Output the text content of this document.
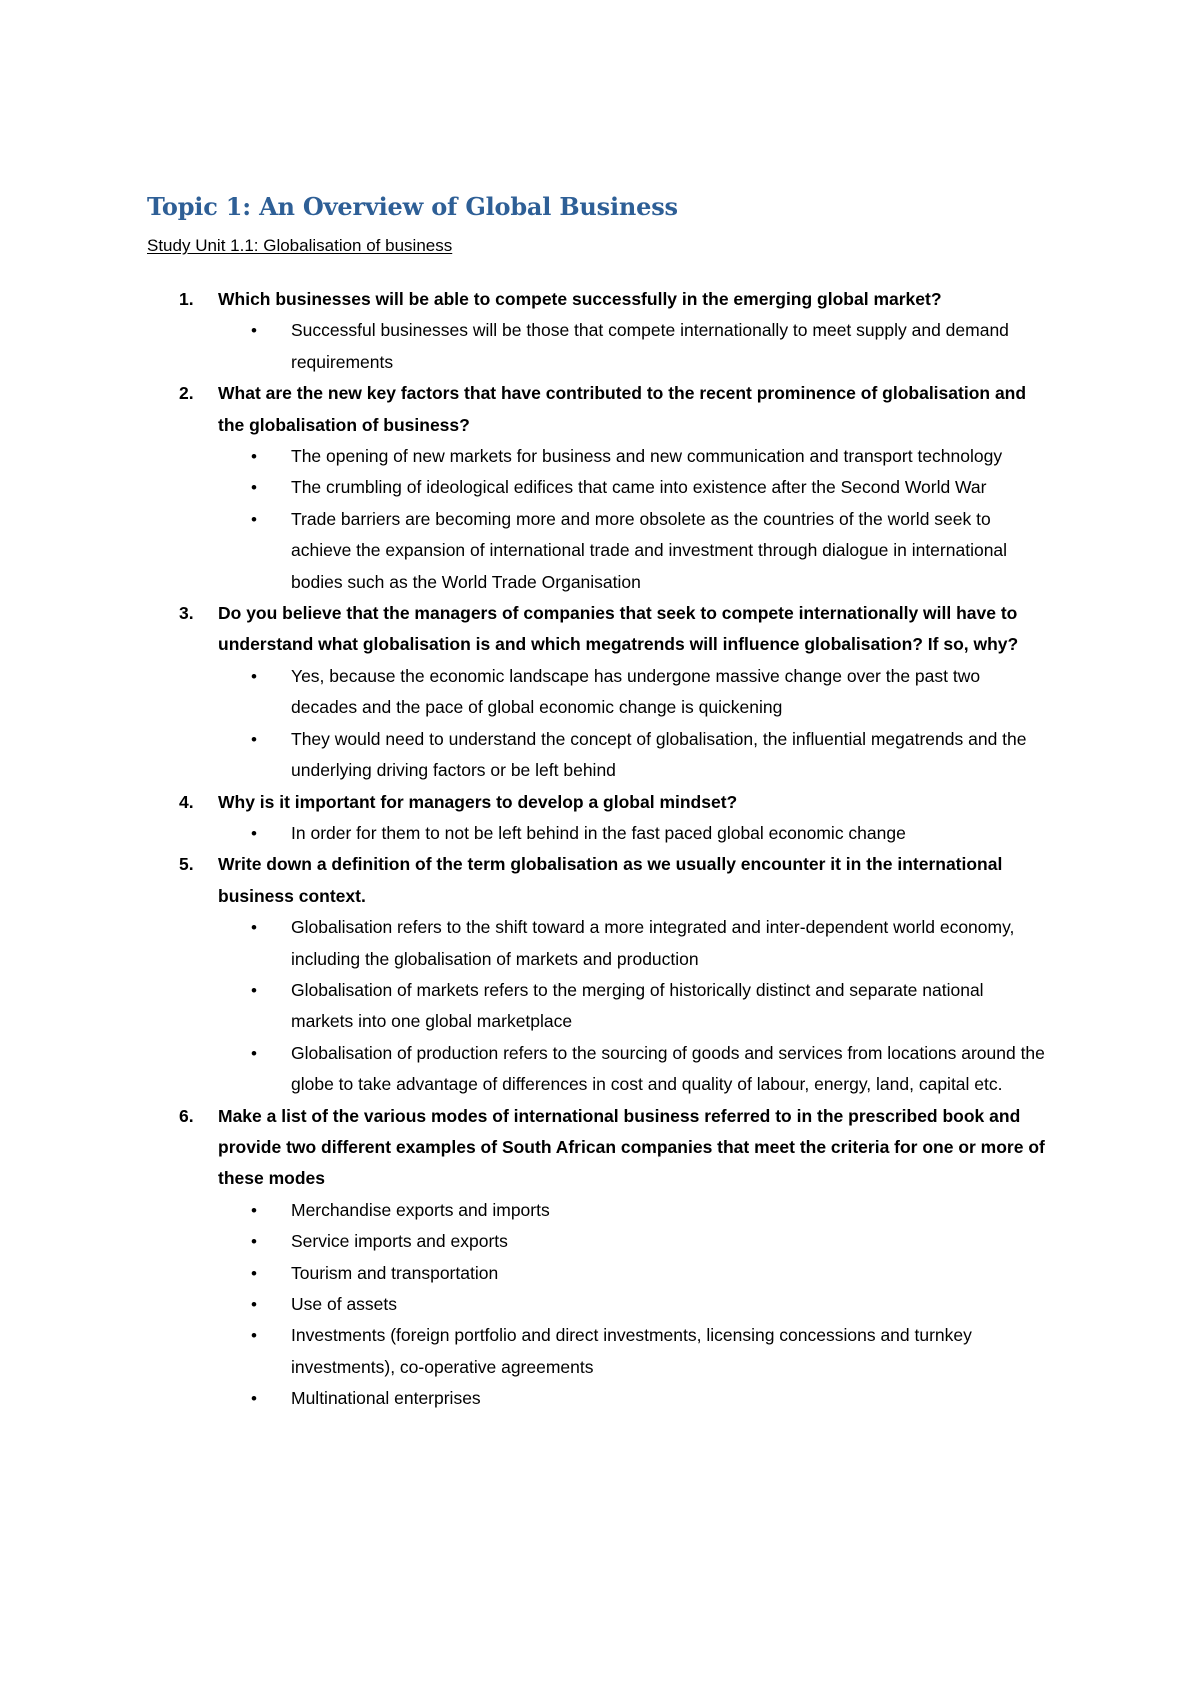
Topic 1: An Overview of Global Business
Study Unit 1.1: Globalisation of business
1. Which businesses will be able to compete successfully in the emerging global market?
• Successful businesses will be those that compete internationally to meet supply and demand requirements
2. What are the new key factors that have contributed to the recent prominence of globalisation and the globalisation of business?
• The opening of new markets for business and new communication and transport technology
• The crumbling of ideological edifices that came into existence after the Second World War
• Trade barriers are becoming more and more obsolete as the countries of the world seek to achieve the expansion of international trade and investment through dialogue in international bodies such as the World Trade Organisation
3. Do you believe that the managers of companies that seek to compete internationally will have to understand what globalisation is and which megatrends will influence globalisation? If so, why?
• Yes, because the economic landscape has undergone massive change over the past two decades and the pace of global economic change is quickening
• They would need to understand the concept of globalisation, the influential megatrends and the underlying driving factors or be left behind
4. Why is it important for managers to develop a global mindset?
• In order for them to not be left behind in the fast paced global economic change
5. Write down a definition of the term globalisation as we usually encounter it in the international business context.
• Globalisation refers to the shift toward a more integrated and inter-dependent world economy, including the globalisation of markets and production
• Globalisation of markets refers to the merging of historically distinct and separate national markets into one global marketplace
• Globalisation of production refers to the sourcing of goods and services from locations around the globe to take advantage of differences in cost and quality of labour, energy, land, capital etc.
6. Make a list of the various modes of international business referred to in the prescribed book and provide two different examples of South African companies that meet the criteria for one or more of these modes
• Merchandise exports and imports
• Service imports and exports
• Tourism and transportation
• Use of assets
• Investments (foreign portfolio and direct investments, licensing concessions and turnkey investments), co-operative agreements
• Multinational enterprises
